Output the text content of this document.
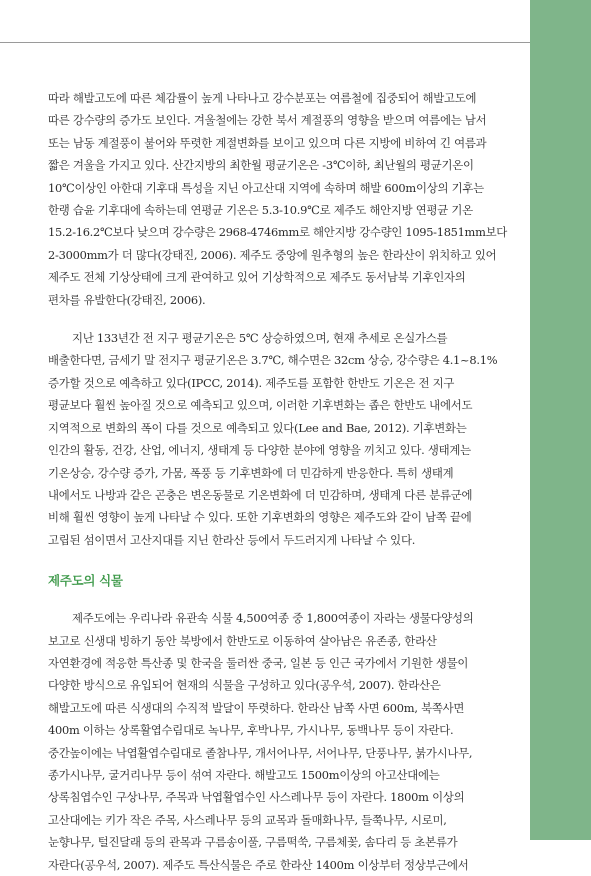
따라 해발고도에 따른 체감률이 높게 나타나고 강수분포는 여름철에 집중되어 해발고도에
따른 강수량의 증가도 보인다. 겨울철에는 강한 북서 계절풍의 영향을 받으며 여름에는 남서
또는 남동 계절풍이 불어와 뚜렷한 계절변화를 보이고 있으며 다른 지방에 비하여 긴 여름과
짧은 겨울을 가지고 있다. 산간지방의 최한월 평균기온은 -3℃이하, 최난월의 평균기온이
10℃이상인 아한대 기후대 특성을 지닌 아고산대 지역에 속하며 해발 600m이상의 기후는
한랭 습윤 기후대에 속하는데 연평균 기온은 5.3-10.9℃로 제주도 해안지방 연평균 기온
15.2-16.2℃보다 낮으며 강수량은 2968-4746mm로 해안지방 강수량인 1095-1851mm보다
2-3000mm가 더 많다(강태진, 2006). 제주도 중앙에 원추형의 높은 한라산이 위치하고 있어
제주도 전체 기상상태에 크게 관여하고 있어 기상학적으로 제주도 동서남북 기후인자의
편차를 유발한다(강태진, 2006).

지난 133년간 전 지구 평균기온은 5℃ 상승하였으며, 현재 추세로 온실가스를
배출한다면, 금세기 말 전지구 평균기온은 3.7℃, 해수면은 32cm 상승, 강수량은 4.1~8.1%
증가할 것으로 예측하고 있다(IPCC, 2014). 제주도를 포함한 한반도 기온은 전 지구
평균보다 훨씬 높아질 것으로 예측되고 있으며, 이러한 기후변화는 좁은 한반도 내에서도
지역적으로 변화의 폭이 다를 것으로 예측되고 있다(Lee and Bae, 2012). 기후변화는
인간의 활동, 건강, 산업, 에너지, 생태계 등 다양한 분야에 영향을 끼치고 있다. 생태계는
기온상승, 강수량 증가, 가뭄, 폭풍 등 기후변화에 더 민감하게 반응한다. 특히 생태계
내에서도 나방과 같은 곤충은 변온동물로 기온변화에 더 민감하며, 생태계 다른 분류군에
비해 훨씬 영향이 높게 나타날 수 있다. 또한 기후변화의 영향은 제주도와 같이 남쪽 끝에
고립된 섬이면서 고산지대를 지닌 한라산 등에서 두드러지게 나타날 수 있다.

제주도의 식물

제주도에는 우리나라 유관속 식물 4,500여종 중 1,800여종이 자라는 생물다양성의
보고로 신생대 빙하기 동안 북방에서 한반도로 이동하여 살아남은 유존종, 한라산
자연환경에 적응한 특산종 및 한국을 둘러싼 중국, 일본 등 인근 국가에서 기원한 생물이
다양한 방식으로 유입되어 현재의 식물을 구성하고 있다(공우석, 2007). 한라산은
해발고도에 따른 식생대의 수직적 발달이 뚜렷하다. 한라산 남쪽 사면 600m, 북쪽사면
400m 이하는 상록활엽수림대로 녹나무, 후박나무, 가시나무, 동백나무 등이 자란다.
중간높이에는 낙엽활엽수림대로 졸참나무, 개서어나무, 서어나무, 단풍나무, 붉가시나무,
종가시나무, 굴거리나무 등이 섞여 자란다. 해발고도 1500m이상의 아고산대에는
상록침엽수인 구상나무, 주목과 낙엽활엽수인 사스레나무 등이 자란다. 1800m 이상의
고산대에는 키가 작은 주목, 사스레나무 등의 교목과 돌매화나무, 들쭉나무, 시로미,
눈향나무, 털진달래 등의 관목과 구름송이풀, 구름떡쑥, 구름체꽃, 솜다리 등 초본류가
자란다(공우석, 2007). 제주도 특산식물은 주로 한라산 1400m 이상부터 정상부근에서
